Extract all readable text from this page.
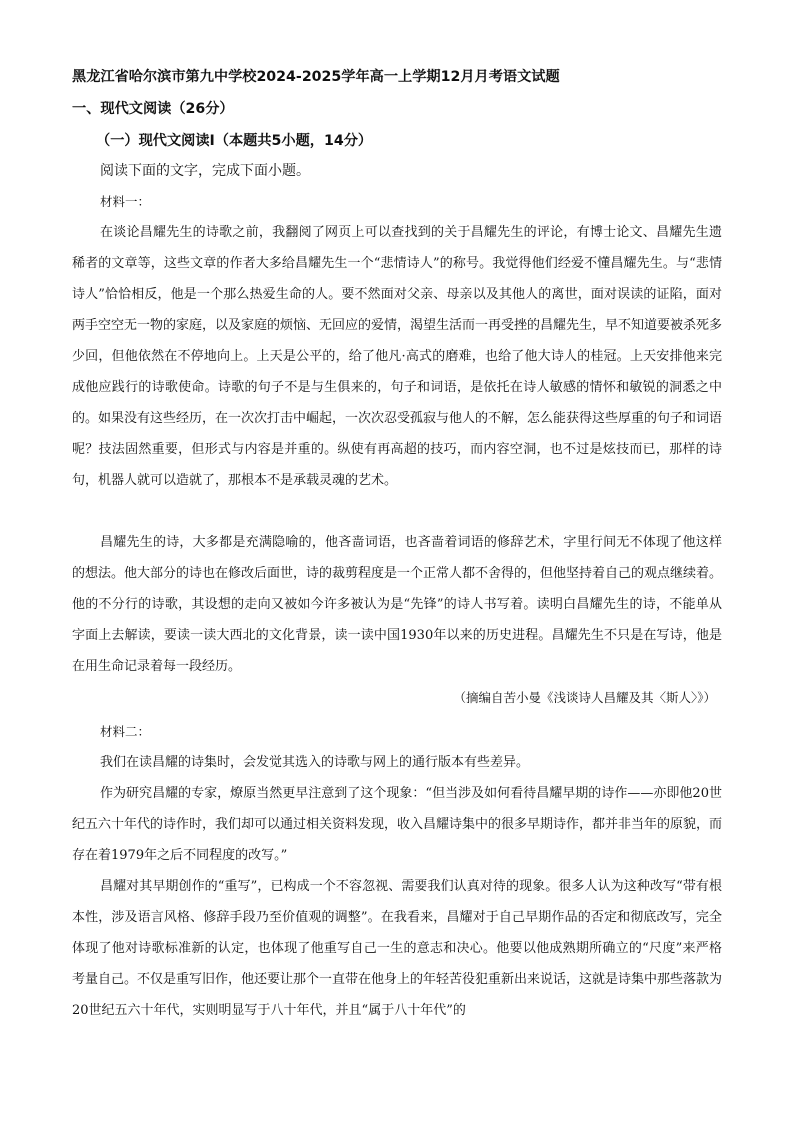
黑龙江省哈尔滨市第九中学校2024-2025学年高一上学期12月月考语文试题
一、现代文阅读（26分）
（一）现代文阅读Ⅰ（本题共5小题，14分）
阅读下面的文字，完成下面小题。
材料一：
在谈论昌耀先生的诗歌之前，我翻阅了网页上可以查找到的关于昌耀先生的评论，有博士论文、昌耀先生遗稀者的文章等，这些文章的作者大多给昌耀先生一个“悲情诗人”的称号。我觉得他们经爱不懂昌耀先生。与“悲情诗人”恰恰相反，他是一个那么热爱生命的人。要不然面对父亲、母亲以及其他人的离世，面对误读的证陷，面对两手空空无一物的家庭，以及家庭的烦恼、无回应的爱情，渴望生活而一再受挫的昌耀先生，早不知道要被杀死多少回，但他依然在不停地向上。上天是公平的，给了他凡·高式的磨难，也给了他大诗人的桂冠。上天安排他来完成他应践行的诗歌使命。诗歌的句子不是与生俱来的，句子和词语，是依托在诗人敏感的情怀和敏锐的洞悉之中的。如果没有这些经历，在一次次打击中崛起，一次次忍受孤寂与他人的不解，怎么能获得这些厚重的句子和词语呢？技法固然重要，但形式与内容是并重的。纵使有再高超的技巧，而内容空洞，也不过是炫技而已，那样的诗句，机器人就可以造就了，那根本不是承载灵魂的艺术。
昌耀先生的诗，大多都是充满隐喻的，他吝啬词语，也吝啬着词语的修辞艺术，字里行间无不体现了他这样的想法。他大部分的诗也在修改后面世，诗的裁剪程度是一个正常人都不舍得的，但他坚持着自己的观点继续着。他的不分行的诗歌，其设想的走向又被如今许多被认为是“先锋”的诗人书写着。读明白昌耀先生的诗，不能单从字面上去解读，要读一读大西北的文化背景，读一读中国1930年以来的历史进程。昌耀先生不只是在写诗，他是在用生命记录着每一段经历。
（摘编自苦小曼《浅谈诗人昌耀及其〈斯人〉》）
材料二：
我们在读昌耀的诗集时，会发觉其选入的诗歌与网上的通行版本有些差异。
作为研究昌耀的专家，燎原当然更早注意到了这个现象：“但当涉及如何看待昌耀早期的诗作——亦即他20世纪五六十年代的诗作时，我们却可以通过相关资料发现，收入昌耀诗集中的很多早期诗作，都并非当年的原貌，而存在着1979年之后不同程度的改写。”
昌耀对其早期创作的“重写”，已构成一个不容忽视、需要我们认真对待的现象。很多人认为这种改写“带有根本性，涉及语言风格、修辞手段乃至价值观的调整”。在我看来，昌耀对于自己早期作品的否定和彻底改写，完全体现了他对诗歌标准新的认定，也体现了他重写自己一生的意志和决心。他要以他成熟期所确立的“尺度”来严格考量自己。不仅是重写旧作，他还要让那个一直带在他身上的年轻苦役犯重新出来说话，这就是诗集中那些落款为20世纪五六十年代，实则明显写于八十年代，并且“属于八十年代”的
